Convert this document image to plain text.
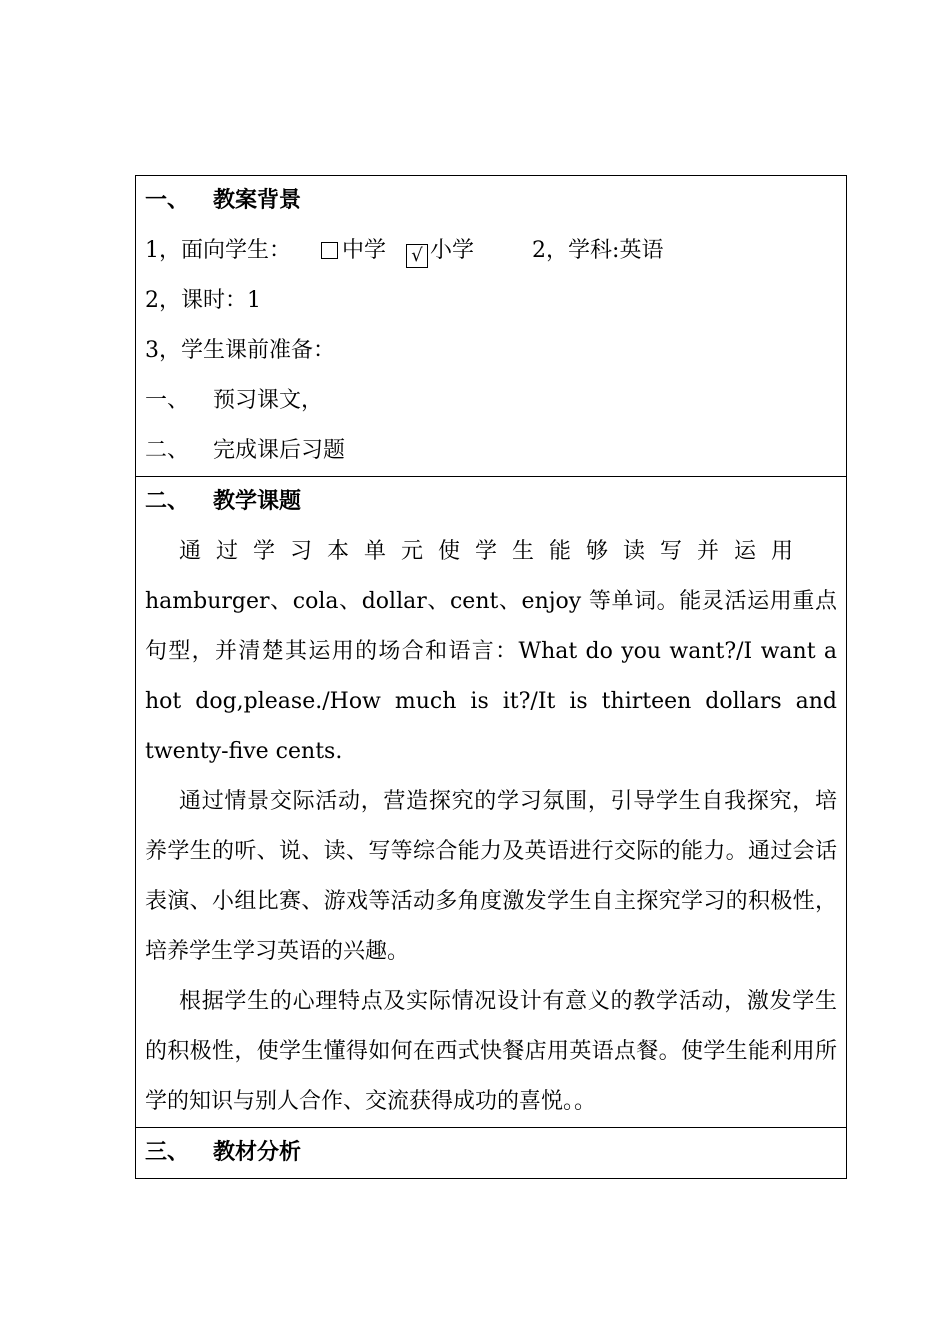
一、 教案背景
1，面向学生： 中学 √ 小学	2，学科:英语
2，课时：1
3，学生课前准备：
一、 预习课文，
二、 完成课后习题

二、 教学课题
通过学习本单元使学生能够读写并运用
hamburger、cola、dollar、cent、enjoy 等单词。能灵活运用重点句型，并清楚其运用的场合和语言：What do you want?/I want a hot dog,please./How much is it?/It is thirteen dollars and twenty-five cents.
通过情景交际活动，营造探究的学习氛围，引导学生自我探究，培养学生的听、说、读、写等综合能力及英语进行交际的能力。通过会话表演、小组比赛、游戏等活动多角度激发学生自主探究学习的积极性，培养学生学习英语的兴趣。
根据学生的心理特点及实际情况设计有意义的教学活动，激发学生的积极性，使学生懂得如何在西式快餐店用英语点餐。使学生能利用所学的知识与别人合作、交流获得成功的喜悦。。

三、 教材分析
